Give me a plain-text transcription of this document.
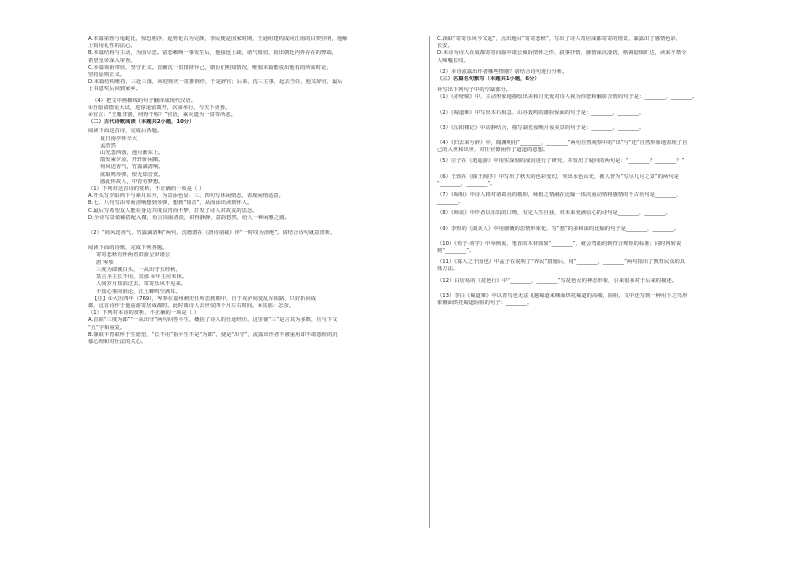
A.本篇第勃与龟蛇比，惊恐胆浮，起势化古为完颜，李民便是国家时期，王通组建构成问江南的目契径明，他解
上钩用礼性的法心。
B.本篇结构与主动，为国尽忠。富恋赖唤一事发生后，他接连上疏，诸气愤切，指出朝廷内外存在的弊端，
希望皇帝深入审查。
C.本篇领衔带侯，坚守正义。首辅沈一贯排挤异己，朝臣们明知情况，唯独本篇能说出他有的所需时论，
坚持原则正义。
D.本篇结构维持，三赴三落，回迎规庆一贯推倒作，于是辞官；后来，沈三主事，起去当任，他又辞官，最后
上书恩奖后回到家乡。
（4）把文中画横线的句子翻译成现代汉语。
①吾愿请德见大试，进淳退留离开，次第举行，与夫下更鲁。
②官言：“王胤非割，何得干称？”官语，乘灭遗为一贯等所恶。
（二）古代诗歌阅读（本题共2小题，10分）
阅读下面这首诗，完成后各题。
夏日南亭怀辛大
孟浩然
山光忽西落，池月渐东上。
散发乘夕凉，开轩卧闲敞。
荷风送香气，竹露滴清响。
欲取鸣琴弹，恨无知音赏。
感此怀故人，中宵劳梦想。
（1）下列对这首诗的赏析，不正确的一项是（ ）
A.开头写夕阳西下与素月东升，为景添色显：三、四句写休闲情态，表现闲情适意。
B.七、八句写由琴而清响想到琴弹，想到“知音”，从而添出读到怀人。
C.最后写希望友人能在身边共度良宵而不梦，打发了诗人对故友的思念。
D.全诗写景依稀搭配入微，语言岗丽清淡，讲得静静，意韵悠然，给人一种闲雅之感。
（2）“荷风送香气，竹露滴清响”两句，沈德潜在《唐诗别裁》评“一时叹为清绝”。请结合诗句就意赏析。
阅读下面的诗歌，完成下列各题。
寄寄悲秋有怀两省旧游呈审诸公
唐 岑参
三度为郎便白头，一从出守五经秋。
莫言圣主长不用，其那 ①年主应未休。
人间岁月知消过去，寄寄乐风不见来。
不知心事向谁论，江上蝉鸣空满耳。
【注】①大历四年（769），岑参在嘉州刺史任所思到朝中，自于戎泸间变乱军阻路，只好折回成
都，这首诗作于他兹游寄居成都时。此时离诗人去世仅四个月左右时间。②其那：怎奈。
（1）下列对本诗的赏析，不正确的一项是（ ）
A.首联“三度为郎”“一从出守”两句回答平生，概括了诗人的仕途经历，这里使“三”是言其为多数，且与下文
“五”字相重复。
B.颔联丰育联怀于生愿望，“长不用”指平生不是“为郎”，使是“出守”，流露出作者不被重用却不敢怨恨的沉
郁心理和对壮法的关心。
C.颈联“寄寄乐风今又起”，点出题目“寄寄悲秋”，写出了诗人寄居成都寄寄的情景，暴露出了感情色彩，
长安。
D.本诗为诗人在成都寄寄向篇中诸公倾诉情怀之作，叙事抒情，感情深沉凄切，格调隐慎旷达，读来不禁令
人唏嘘长叹。
（2）本诗流露出作者哪些情感？请结合诗句进行分析。
（三）名篇名句默写（本题共1小题，6分）
补写出下列句子中的空缺部分。
（1）《赤壁赋》中，主动形象地描绘出美和月光优对诗人视为你您和触影含情的句子是：________，________。
（2）《蜀道难》中写出木石相急、山谷轰鸣的雄险惊面的句子是：________，________。
（3）《岳阳楼记》中动静结合，描写湖光夜晚月夜美景的句子是：________，________。
（4）《归去来兮辞》中，陶渊明用“________，________”两句自然观察中的“出”与“还”自然形象地表现了自
己的入世和出世，对任官僚困作了道道的恩想。
（5）庄子在《逍遥游》中用实深刻的成因进行了研究，并发出了疑问的两句是：“________？________？”
（6）王勃在《滕王阁序》中写出了秋天的色彩变幻，突出水色山光，被人誉为“写尽九月之景”的两句是
“________，________”。
（7）《蜀相》中诗人将对诸葛亮的敬仰，咏恨之情融在比喻一体沉重动情将感情的千古名句是________，
________。
（8）《师说》中作者以乐饥的口吻，有定人生自我，对未来充满信心的诗句是________，________。
（9）李煜的《虞美人》中用感慨的思情形象化，写“愁”的多和深的比喻的句子是________，________。
（10）《荀子·劝学》中举例说，笔直的木材如果“________”，就会弯曲的到符合规矩的标准；同时再转说
到“________”。
（11）《寡人之于国也》中孟子在说明了“养民”措施后，用“________，________”两句指出了教育民众的具
体方法。
（12）白居易的《琵琶行》中“________，________”写琵琶女的神态形象，引来很多对于后来的描述。
（13）李白《蜀道难》中以青鸟也无法飞越蜀道来侧面烘托蜀道的高峻，险阻，文中还写到一种用下之鸟形
象侧面烘托蜀道险阻的句子：________。
